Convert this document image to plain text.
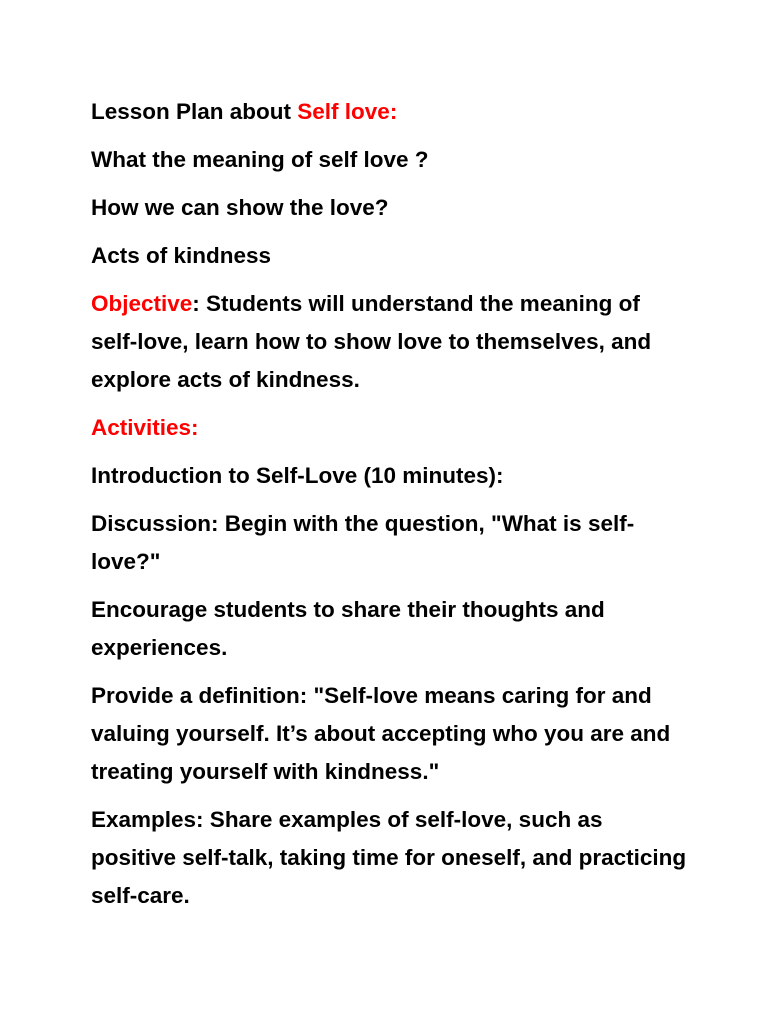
Lesson Plan about Self love:

What the meaning of self love ?

How we can show the love?

Acts of kindness

Objective: Students will understand the meaning of self-love, learn how to show love to themselves, and explore acts of kindness.

Activities:

Introduction to Self-Love (10 minutes):

Discussion: Begin with the question, "What is self-love?"

Encourage students to share their thoughts and experiences.

Provide a definition: "Self-love means caring for and valuing yourself. It’s about accepting who you are and treating yourself with kindness."

Examples: Share examples of self-love, such as positive self-talk, taking time for oneself, and practicing self-care.
